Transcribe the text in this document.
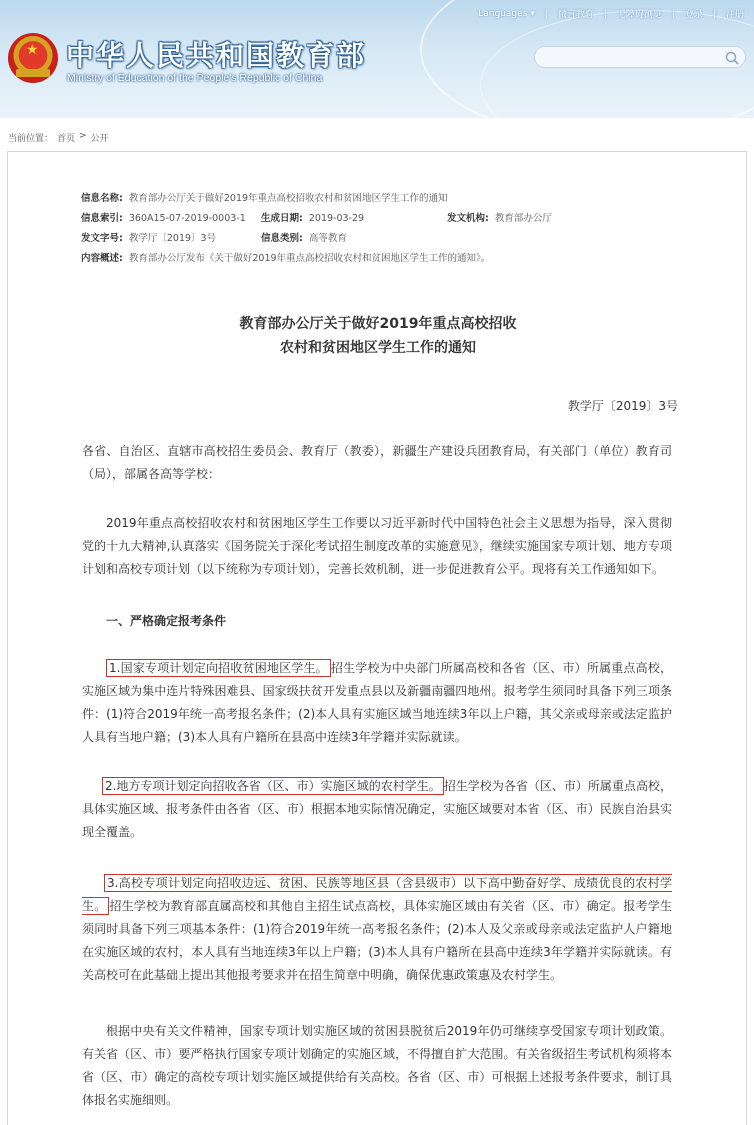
★ 中华人民共和国教育部
Ministry of Education of the People's Republic of China
Languages ▾ | 微言教育 | 无障碍浏览 | 登录 | 注册
当前位置： 首页 > 公开
信息名称: 教育部办公厅关于做好2019年重点高校招收农村和贫困地区学生工作的通知
信息索引: 360A15-07-2019-0003-1 生成日期: 2019-03-29	发文机构: 教育部办公厅
发文字号: 教学厅〔2019〕3号	信息类别: 高等教育
内容概述: 教育部办公厅发布《关于做好2019年重点高校招收农村和贫困地区学生工作的通知》。
教育部办公厅关于做好2019年重点高校招收
农村和贫困地区学生工作的通知
教学厅〔2019〕3号
各省、自治区、直辖市高校招生委员会、教育厅（教委），新疆生产建设兵团教育局，有关部门（单位）教育司（局），部属各高等学校：
2019年重点高校招收农村和贫困地区学生工作要以习近平新时代中国特色社会主义思想为指导，深入贯彻党的十九大精神,认真落实《国务院关于深化考试招生制度改革的实施意见》，继续实施国家专项计划、地方专项计划和高校专项计划（以下统称为专项计划），完善长效机制，进一步促进教育公平。现将有关工作通知如下。
一、严格确定报考条件
1.国家专项计划定向招收贫困地区学生。 招生学校为中央部门所属高校和各省（区、市）所属重点高校，实施区域为集中连片特殊困难县、国家级扶贫开发重点县以及新疆南疆四地州。报考学生须同时具备下列三项条件：(1)符合2019年统一高考报名条件；(2)本人具有实施区域当地连续3年以上户籍，其父亲或母亲或法定监护人具有当地户籍；(3)本人具有户籍所在县高中连续3年学籍并实际就读。
2.地方专项计划定向招收各省（区、市）实施区域的农村学生。 招生学校为各省（区、市）所属重点高校，具体实施区域、报考条件由各省（区、市）根据本地实际情况确定，实施区域要对本省（区、市）民族自治县实现全覆盖。
3.高校专项计划定向招收边远、贫困、民族等地区县（含县级市）以下高中勤奋好学、成绩优良的农村学生。 招生学校为教育部直属高校和其他自主招生试点高校，具体实施区域由有关省（区、市）确定。报考学生须同时具备下列三项基本条件：(1)符合2019年统一高考报名条件；(2)本人及父亲或母亲或法定监护人户籍地在实施区域的农村，本人具有当地连续3年以上户籍；(3)本人具有户籍所在县高中连续3年学籍并实际就读。有关高校可在此基础上提出其他报考要求并在招生简章中明确，确保优惠政策惠及农村学生。
根据中央有关文件精神，国家专项计划实施区域的贫困县脱贫后2019年仍可继续享受国家专项计划政策。有关省（区、市）要严格执行国家专项计划确定的实施区域，不得擅自扩大范围。有关省级招生考试机构须将本省（区、市）确定的高校专项计划实施区域提供给有关高校。各省（区、市）可根据上述报考条件要求，制订具体报名实施细则。
